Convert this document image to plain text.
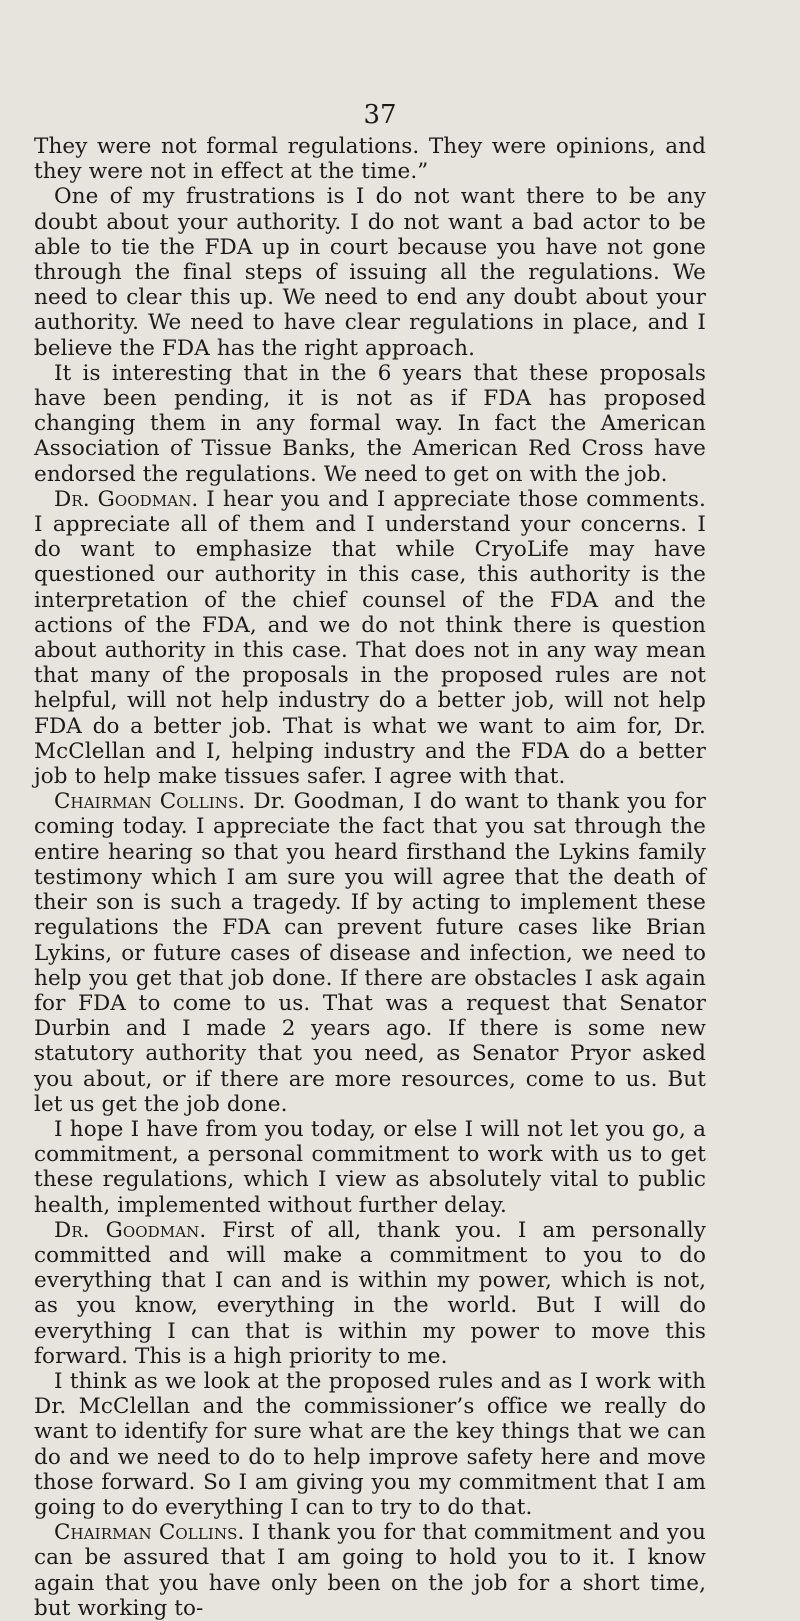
37

They were not formal regulations. They were opinions, and they were not in effect at the time.”

One of my frustrations is I do not want there to be any doubt about your authority. I do not want a bad actor to be able to tie the FDA up in court because you have not gone through the final steps of issuing all the regulations. We need to clear this up. We need to end any doubt about your authority. We need to have clear regulations in place, and I believe the FDA has the right approach.

It is interesting that in the 6 years that these proposals have been pending, it is not as if FDA has proposed changing them in any formal way. In fact the American Association of Tissue Banks, the American Red Cross have endorsed the regulations. We need to get on with the job.

Dr. Goodman. I hear you and I appreciate those comments. I appreciate all of them and I understand your concerns. I do want to emphasize that while CryoLife may have questioned our authority in this case, this authority is the interpretation of the chief counsel of the FDA and the actions of the FDA, and we do not think there is question about authority in this case. That does not in any way mean that many of the proposals in the proposed rules are not helpful, will not help industry do a better job, will not help FDA do a better job. That is what we want to aim for, Dr. McClellan and I, helping industry and the FDA do a better job to help make tissues safer. I agree with that.

Chairman Collins. Dr. Goodman, I do want to thank you for coming today. I appreciate the fact that you sat through the entire hearing so that you heard firsthand the Lykins family testimony which I am sure you will agree that the death of their son is such a tragedy. If by acting to implement these regulations the FDA can prevent future cases like Brian Lykins, or future cases of disease and infection, we need to help you get that job done. If there are obstacles I ask again for FDA to come to us. That was a request that Senator Durbin and I made 2 years ago. If there is some new statutory authority that you need, as Senator Pryor asked you about, or if there are more resources, come to us. But let us get the job done.

I hope I have from you today, or else I will not let you go, a commitment, a personal commitment to work with us to get these regulations, which I view as absolutely vital to public health, implemented without further delay.

Dr. Goodman. First of all, thank you. I am personally committed and will make a commitment to you to do everything that I can and is within my power, which is not, as you know, everything in the world. But I will do everything I can that is within my power to move this forward. This is a high priority to me.

I think as we look at the proposed rules and as I work with Dr. McClellan and the commissioner’s office we really do want to identify for sure what are the key things that we can do and we need to do to help improve safety here and move those forward. So I am giving you my commitment that I am going to do everything I can to try to do that.

Chairman Collins. I thank you for that commitment and you can be assured that I am going to hold you to it. I know again that you have only been on the job for a short time, but working to-
